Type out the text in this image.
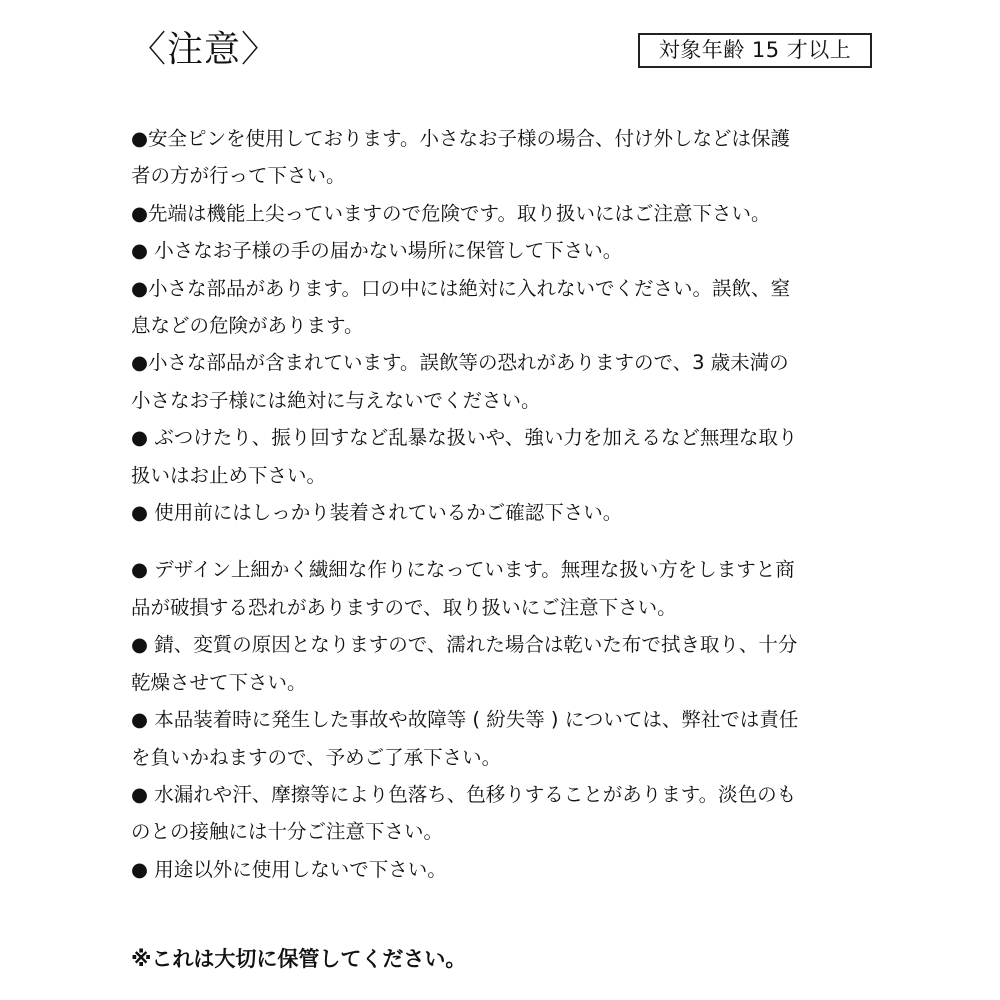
〈注意〉	対象年齢 15 才以上
●安全ピンを使用しております。小さなお子様の場合、付け外しなどは保護
者の方が行って下さい。
●先端は機能上尖っていますので危険です。取り扱いにはご注意下さい。
● 小さなお子様の手の届かない場所に保管して下さい。
●小さな部品があります。口の中には絶対に入れないでください。誤飲、窒
息などの危険があります。
●小さな部品が含まれています。誤飲等の恐れがありますので、3 歳未満の
小さなお子様には絶対に与えないでください。
● ぶつけたり、振り回すなど乱暴な扱いや、強い力を加えるなど無理な取り
扱いはお止め下さい。
● 使用前にはしっかり装着されているかご確認下さい。
● デザイン上細かく繊細な作りになっています。無理な扱い方をしますと商
品が破損する恐れがありますので、取り扱いにご注意下さい。
● 錆、変質の原因となりますので、濡れた場合は乾いた布で拭き取り、十分
乾燥させて下さい。
● 本品装着時に発生した事故や故障等 ( 紛失等 ) については、弊社では責任
を負いかねますので、予めご了承下さい。
● 水漏れや汗、摩擦等により色落ち、色移りすることがあります。淡色のも
のとの接触には十分ご注意下さい。
● 用途以外に使用しないで下さい。
※これは大切に保管してください。
